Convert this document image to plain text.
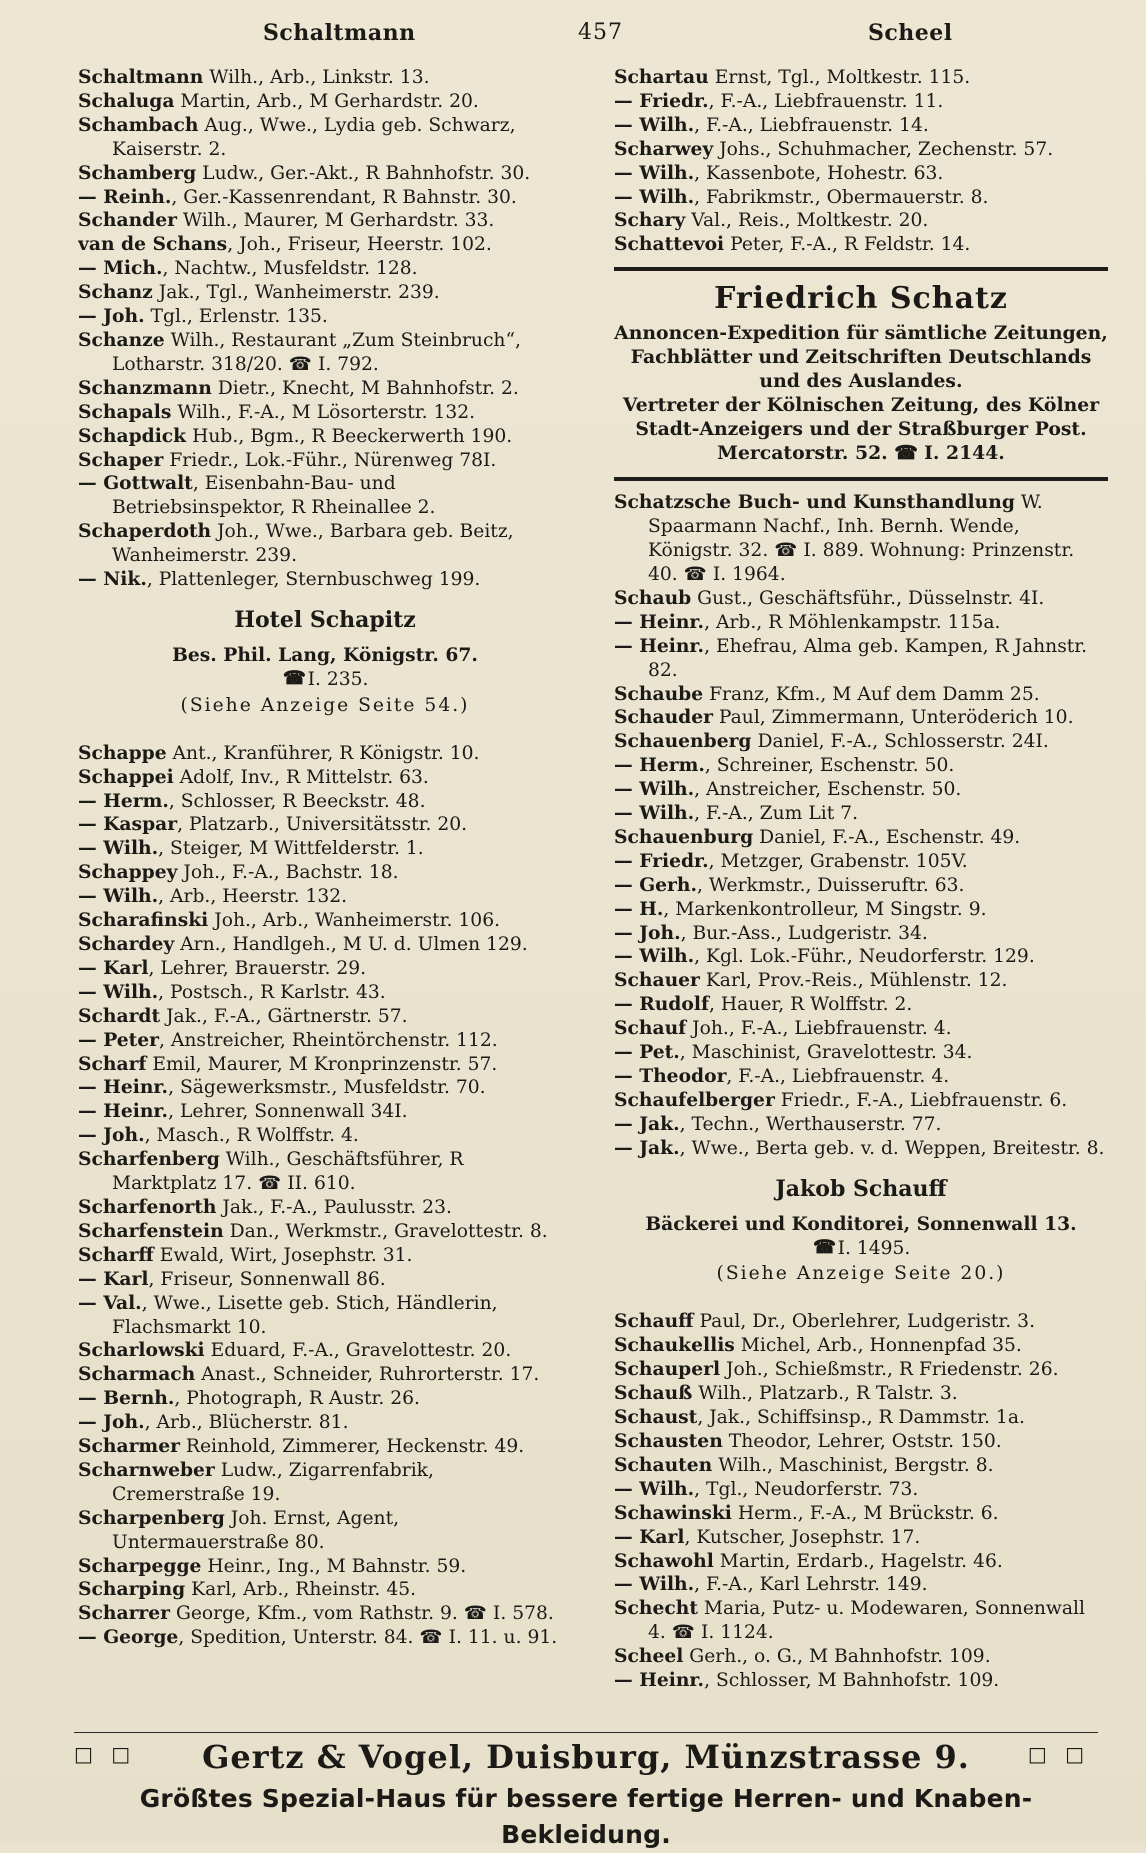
Schaltmann	457	Scheel

Schaltmann Wilh., Arb., Linkstr. 13.

Schaluga Martin, Arb., M Gerhardstr. 20.

Schambach Aug., Wwe., Lydia geb. Schwarz, Kaiserstr. 2.

Schamberg Ludw., Ger.-Akt., R Bahnhofstr. 30.

— Reinh., Ger.-Kassenrendant, R Bahnstr. 30.

Schander Wilh., Maurer, M Gerhardstr. 33.

van de Schans, Joh., Friseur, Heerstr. 102.

— Mich., Nachtw., Musfeldstr. 128.

Schanz Jak., Tgl., Wanheimerstr. 239.

— Joh. Tgl., Erlenstr. 135.

Schanze Wilh., Restaurant „Zum Steinbruch“, Lotharstr. 318/20. ☎ I. 792.

Schanzmann Dietr., Knecht, M Bahnhofstr. 2.

Schapals Wilh., F.-A., M Lösorterstr. 132.

Schapdick Hub., Bgm., R Beeckerwerth 190.

Schaper Friedr., Lok.-Führ., Nürenweg 78I.

— Gottwalt, Eisenbahn-Bau- und Betriebsinspektor, R Rheinallee 2.

Schaperdoth Joh., Wwe., Barbara geb. Beitz, Wanheimerstr. 239.

— Nik., Plattenleger, Sternbuschweg 199.

Hotel Schapitz
Bes. Phil. Lang, Königstr. 67.
☎I. 235.
(Siehe Anzeige Seite 54.)

Schappe Ant., Kranführer, R Königstr. 10.

Schappei Adolf, Inv., R Mittelstr. 63.

— Herm., Schlosser, R Beeckstr. 48.

— Kaspar, Platzarb., Universitätsstr. 20.

— Wilh., Steiger, M Wittfelderstr. 1.

Schappey Joh., F.-A., Bachstr. 18.

— Wilh., Arb., Heerstr. 132.

Scharafinski Joh., Arb., Wanheimerstr. 106.

Schardey Arn., Handlgeh., M U. d. Ulmen 129.

— Karl, Lehrer, Brauerstr. 29.

— Wilh., Postsch., R Karlstr. 43.

Schardt Jak., F.-A., Gärtnerstr. 57.

— Peter, Anstreicher, Rheintörchenstr. 112.

Scharf Emil, Maurer, M Kronprinzenstr. 57.

— Heinr., Sägewerksmstr., Musfeldstr. 70.

— Heinr., Lehrer, Sonnenwall 34I.

— Joh., Masch., R Wolffstr. 4.

Scharfenberg Wilh., Geschäftsführer, R Marktplatz 17. ☎ II. 610.

Scharfenorth Jak., F.-A., Paulusstr. 23.

Scharfenstein Dan., Werkmstr., Gravelottestr. 8.

Scharff Ewald, Wirt, Josephstr. 31.

— Karl, Friseur, Sonnenwall 86.

— Val., Wwe., Lisette geb. Stich, Händlerin, Flachsmarkt 10.

Scharlowski Eduard, F.-A., Gravelottestr. 20.

Scharmach Anast., Schneider, Ruhrorterstr. 17.

— Bernh., Photograph, R Austr. 26.

— Joh., Arb., Blücherstr. 81.

Scharmer Reinhold, Zimmerer, Heckenstr. 49.

Scharnweber Ludw., Zigarrenfabrik, Cremerstraße 19.

Scharpenberg Joh. Ernst, Agent, Untermauerstraße 80.

Scharpegge Heinr., Ing., M Bahnstr. 59.

Scharping Karl, Arb., Rheinstr. 45.

Scharrer George, Kfm., vom Rathstr. 9. ☎ I. 578.

— George, Spedition, Unterstr. 84. ☎ I. 11. u. 91.

Schartau Ernst, Tgl., Moltkestr. 115.

— Friedr., F.-A., Liebfrauenstr. 11.

— Wilh., F.-A., Liebfrauenstr. 14.

Scharwey Johs., Schuhmacher, Zechenstr. 57.

— Wilh., Kassenbote, Hohestr. 63.

— Wilh., Fabrikmstr., Obermauerstr. 8.

Schary Val., Reis., Moltkestr. 20.

Schattevoi Peter, F.-A., R Feldstr. 14.

Friedrich Schatz
Annoncen-Expedition für sämtliche Zeitungen,
Fachblätter und Zeitschriften Deutschlands
und des Auslandes.
Vertreter der Kölnischen Zeitung, des Kölner
Stadt-Anzeigers und der Straßburger Post.
Mercatorstr. 52. ☎ I. 2144.

Schatzsche Buch- und Kunsthandlung W. Spaarmann Nachf., Inh. Bernh. Wende, Königstr. 32. ☎ I. 889. Wohnung: Prinzenstr. 40. ☎ I. 1964.

Schaub Gust., Geschäftsführ., Düsselnstr. 4I.

— Heinr., Arb., R Möhlenkampstr. 115a.

— Heinr., Ehefrau, Alma geb. Kampen, R Jahnstr. 82.

Schaube Franz, Kfm., M Auf dem Damm 25.

Schauder Paul, Zimmermann, Unteröderich 10.

Schauenberg Daniel, F.-A., Schlosserstr. 24I.

— Herm., Schreiner, Eschenstr. 50.

— Wilh., Anstreicher, Eschenstr. 50.

— Wilh., F.-A., Zum Lit 7.

Schauenburg Daniel, F.-A., Eschenstr. 49.

— Friedr., Metzger, Grabenstr. 105V.

— Gerh., Werkmstr., Duisseruftr. 63.

— H., Markenkontrolleur, M Singstr. 9.

— Joh., Bur.-Ass., Ludgeristr. 34.

— Wilh., Kgl. Lok.-Führ., Neudorferstr. 129.

Schauer Karl, Prov.-Reis., Mühlenstr. 12.

— Rudolf, Hauer, R Wolffstr. 2.

Schauf Joh., F.-A., Liebfrauenstr. 4.

— Pet., Maschinist, Gravelottestr. 34.

— Theodor, F.-A., Liebfrauenstr. 4.

Schaufelberger Friedr., F.-A., Liebfrauenstr. 6.

— Jak., Techn., Werthauserstr. 77.

— Jak., Wwe., Berta geb. v. d. Weppen, Breitestr. 8.

Jakob Schauff
Bäckerei und Konditorei, Sonnenwall 13.
☎I. 1495.
(Siehe Anzeige Seite 20.)

Schauff Paul, Dr., Oberlehrer, Ludgeristr. 3.

Schaukellis Michel, Arb., Honnenpfad 35.

Schauperl Joh., Schießmstr., R Friedenstr. 26.

Schauß Wilh., Platzarb., R Talstr. 3.

Schaust, Jak., Schiffsinsp., R Dammstr. 1a.

Schausten Theodor, Lehrer, Oststr. 150.

Schauten Wilh., Maschinist, Bergstr. 8.

— Wilh., Tgl., Neudorferstr. 73.

Schawinski Herm., F.-A., M Brückstr. 6.

— Karl, Kutscher, Josephstr. 17.

Schawohl Martin, Erdarb., Hagelstr. 46.

— Wilh., F.-A., Karl Lehrstr. 149.

Schecht Maria, Putz- u. Modewaren, Sonnenwall 4. ☎ I. 1124.

Scheel Gerh., o. G., M Bahnhofstr. 109.

— Heinr., Schlosser, M Bahnhofstr. 109.

□ □	Gertz & Vogel, Duisburg, Münzstrasse 9.	□ □
Größtes Spezial-Haus für bessere fertige Herren- und Knaben-Bekleidung.
